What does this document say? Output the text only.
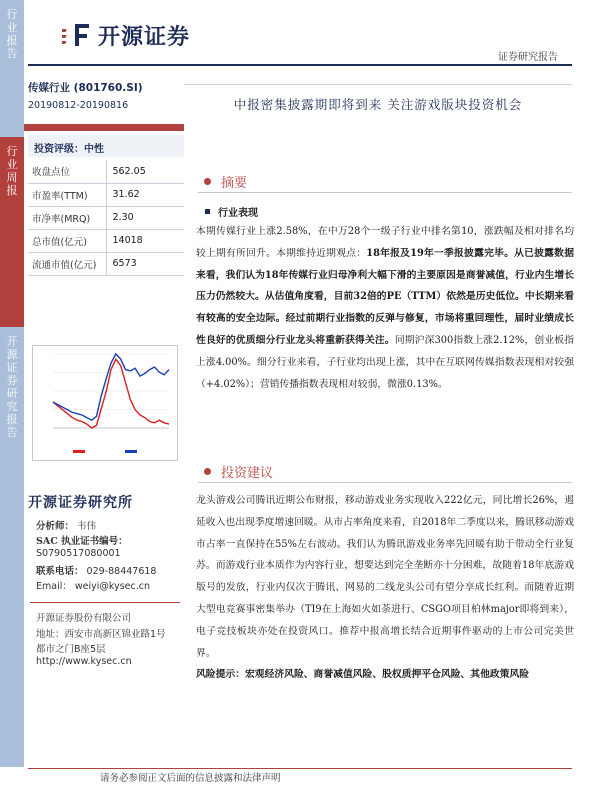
行业报告
行业周报
开源证券研究报告
开源证券
证券研究报告
传媒行业 (801760.SI)
20190812-20190816
投资评级：中性
收盘点位	562.05
市盈率(TTM)	31.62
市净率(MRQ)	2.30
总市值(亿元)	14018
流通市值(亿元)	6573
开源证券研究所
分析师： 韦伟
SAC 执业证书编号：
S0790517080001
联系电话： 029-88447618
Email： weiyi@kysec.cn
开源证券股份有限公司
地址：西安市高新区锦业路1号
都市之门B座5层
http://www.kysec.cn
中报密集披露期即将到来 关注游戏版块投资机会
摘要
行业表现
本期传媒行业上涨2.58%，在中万28个一级子行业中排名第10，涨跌幅及相对排名均较上期有所回升。本期维持近期观点：18年报及19年一季报披露完毕。从已披露数据来看，我们认为18年传媒行业归母净利大幅下滑的主要原因是商誉减值，行业内生增长压力仍然较大。从估值角度看，目前32倍的PE（TTM）依然是历史低位。中长期来看有较高的安全边际。经过前期行业指数的反弹与修复，市场将重回理性，届时业绩成长性良好的优质细分行业龙头将重新获得关注。同期沪深300指数上涨2.12%，创业板指上涨4.00%。细分行业来看，子行业均出现上涨，其中在互联网传媒指数表现相对较强（+4.02%）；营销传播指数表现相对较弱，微涨0.13%。
投资建议
龙头游戏公司腾讯近期公布财报，移动游戏业务实现收入222亿元，同比增长26%，遏延收入也出现季度增速回暖。从市占率角度来看，自2018年二季度以来，腾讯移动游戏市占率一直保持在55%左右波动。我们认为腾讯游戏业务率先回暖有助于带动全行业复苏。而游戏行业本质作为内容行业，想要达到完全垄断亦十分困难，故随着18年底游戏版号的发放，行业内仅次于腾讯、网易的二线龙头公司有望分享成长红利。而随着近期大型电竞赛事密集举办（TI9在上海如火如荼进行、CSGO项目柏林major即将到来），电子竞技板块亦处在投资风口。推荐中报高增长结合近期事件驱动的上市公司完美世界。
风险提示：宏观经济风险、商誉减值风险、股权质押平仓风险、其他政策风险
请务必参阅正文后面的信息披露和法律声明
